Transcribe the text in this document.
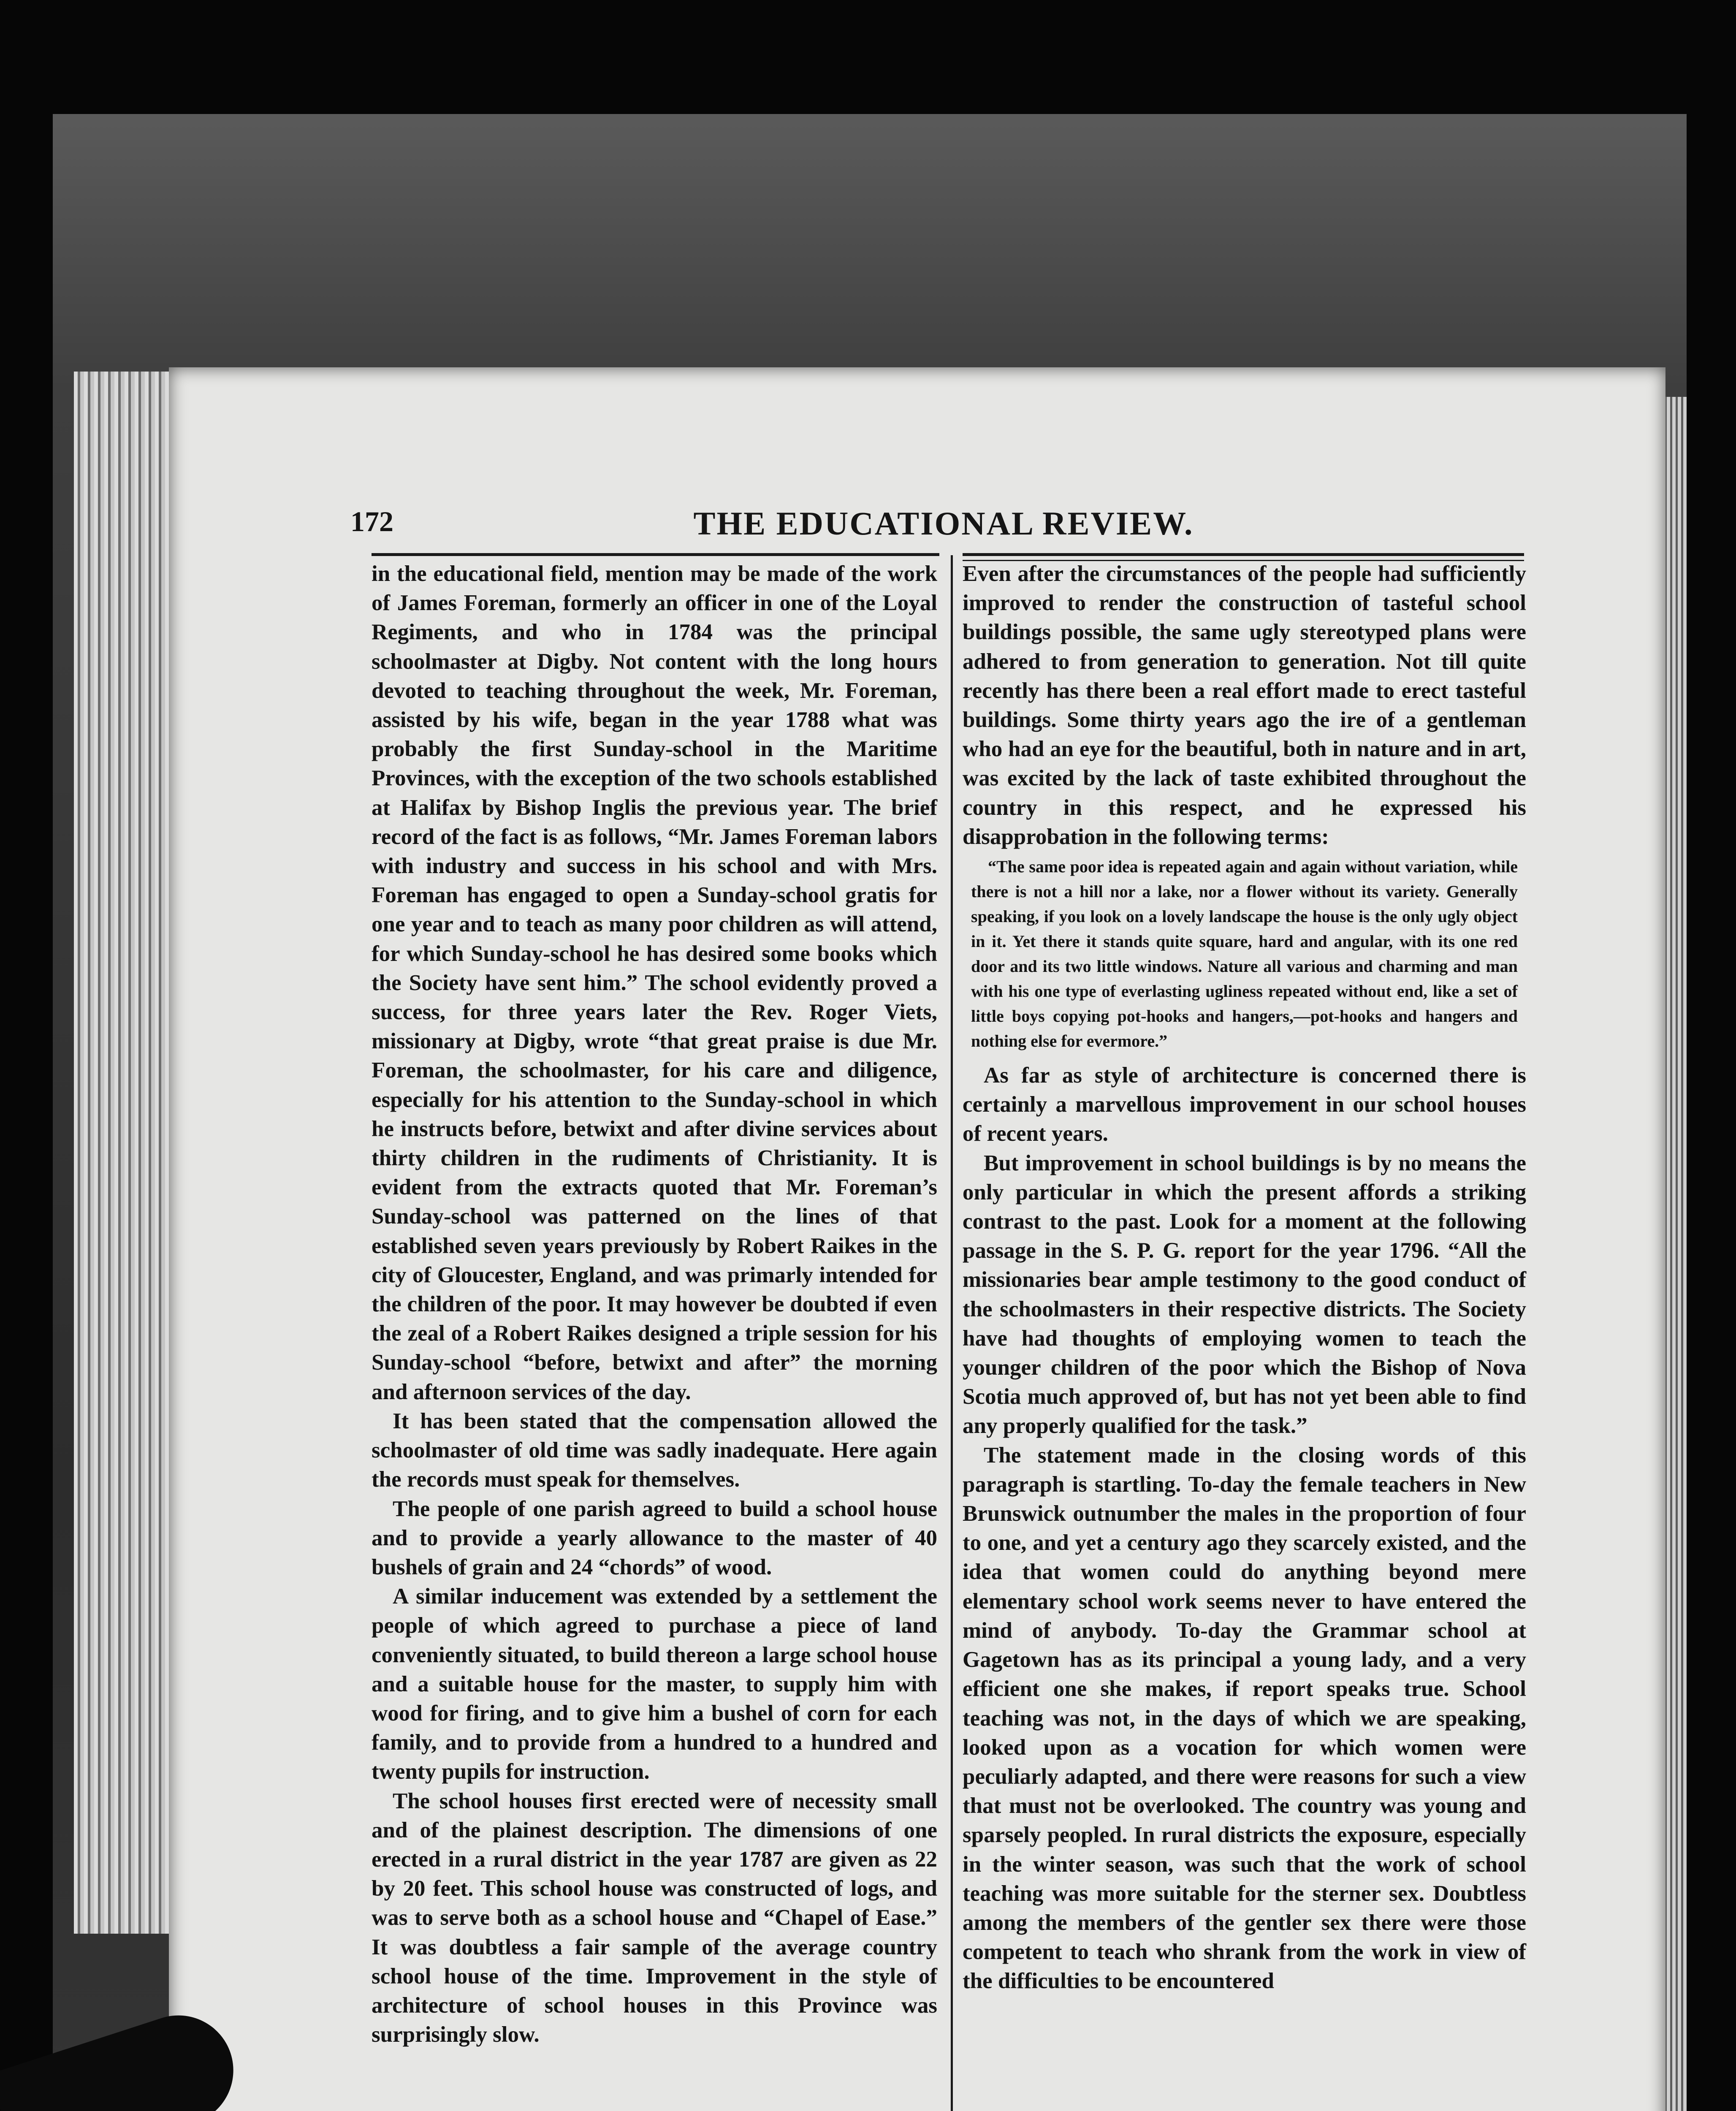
172	THE EDUCATIONAL REVIEW.

in the educational field, mention may be made of the work of James Foreman, formerly an officer in one of the Loyal Regiments, and who in 1784 was the principal schoolmaster at Digby. Not content with the long hours devoted to teaching throughout the week, Mr. Foreman, assisted by his wife, began in the year 1788 what was probably the first Sunday-school in the Maritime Provinces, with the exception of the two schools established at Halifax by Bishop Inglis the previous year. The brief record of the fact is as follows, “Mr. James Foreman labors with industry and success in his school and with Mrs. Foreman has engaged to open a Sunday-school gratis for one year and to teach as many poor children as will attend, for which Sunday-school he has desired some books which the Society have sent him.” The school evidently proved a success, for three years later the Rev. Roger Viets, missionary at Digby, wrote “that great praise is due Mr. Foreman, the schoolmaster, for his care and diligence, especially for his attention to the Sunday-school in which he instructs before, betwixt and after divine services about thirty children in the rudiments of Christianity. It is evident from the extracts quoted that Mr. Foreman’s Sunday-school was patterned on the lines of that established seven years previously by Robert Raikes in the city of Gloucester, England, and was primarly intended for the children of the poor. It may however be doubted if even the zeal of a Robert Raikes designed a triple session for his Sunday-school “before, betwixt and after” the morning and afternoon services of the day.

It has been stated that the compensation allowed the schoolmaster of old time was sadly inadequate. Here again the records must speak for themselves.

The people of one parish agreed to build a school house and to provide a yearly allowance to the master of 40 bushels of grain and 24 “chords” of wood.

A similar inducement was extended by a settlement the people of which agreed to purchase a piece of land conveniently situated, to build thereon a large school house and a suitable house for the master, to supply him with wood for firing, and to give him a bushel of corn for each family, and to provide from a hundred to a hundred and twenty pupils for instruction.

The school houses first erected were of necessity small and of the plainest description. The dimensions of one erected in a rural district in the year 1787 are given as 22 by 20 feet. This school house was constructed of logs, and was to serve both as a school house and “Chapel of Ease.” It was doubtless a fair sample of the average country school house of the time. Improvement in the style of architecture of school houses in this Province was surprisingly slow.

Even after the circumstances of the people had sufficiently improved to render the construction of tasteful school buildings possible, the same ugly stereotyped plans were adhered to from generation to generation. Not till quite recently has there been a real effort made to erect tasteful buildings. Some thirty years ago the ire of a gentleman who had an eye for the beautiful, both in nature and in art, was excited by the lack of taste exhibited throughout the country in this respect, and he expressed his disapprobation in the following terms:

“The same poor idea is repeated again and again without variation, while there is not a hill nor a lake, nor a flower without its variety. Generally speaking, if you look on a lovely landscape the house is the only ugly object in it. Yet there it stands quite square, hard and angular, with its one red door and its two little windows. Nature all various and charming and man with his one type of everlasting ugliness repeated without end, like a set of little boys copying pot-hooks and hangers,—pot-hooks and hangers and nothing else for evermore.”

As far as style of architecture is concerned there is certainly a marvellous improvement in our school houses of recent years.

But improvement in school buildings is by no means the only particular in which the present affords a striking contrast to the past. Look for a moment at the following passage in the S. P. G. report for the year 1796. “All the missionaries bear ample testimony to the good conduct of the schoolmasters in their respective districts. The Society have had thoughts of employing women to teach the younger children of the poor which the Bishop of Nova Scotia much approved of, but has not yet been able to find any properly qualified for the task.”

The statement made in the closing words of this paragraph is startling. To-day the female teachers in New Brunswick outnumber the males in the proportion of four to one, and yet a century ago they scarcely existed, and the idea that women could do anything beyond mere elementary school work seems never to have entered the mind of anybody. To-day the Grammar school at Gagetown has as its principal a young lady, and a very efficient one she makes, if report speaks true. School teaching was not, in the days of which we are speaking, looked upon as a vocation for which women were peculiarly adapted, and there were reasons for such a view that must not be overlooked. The country was young and sparsely peopled. In rural districts the exposure, especially in the winter season, was such that the work of school teaching was more suitable for the sterner sex. Doubtless among the members of the gentler sex there were those competent to teach who shrank from the work in view of the difficulties to be encountered
